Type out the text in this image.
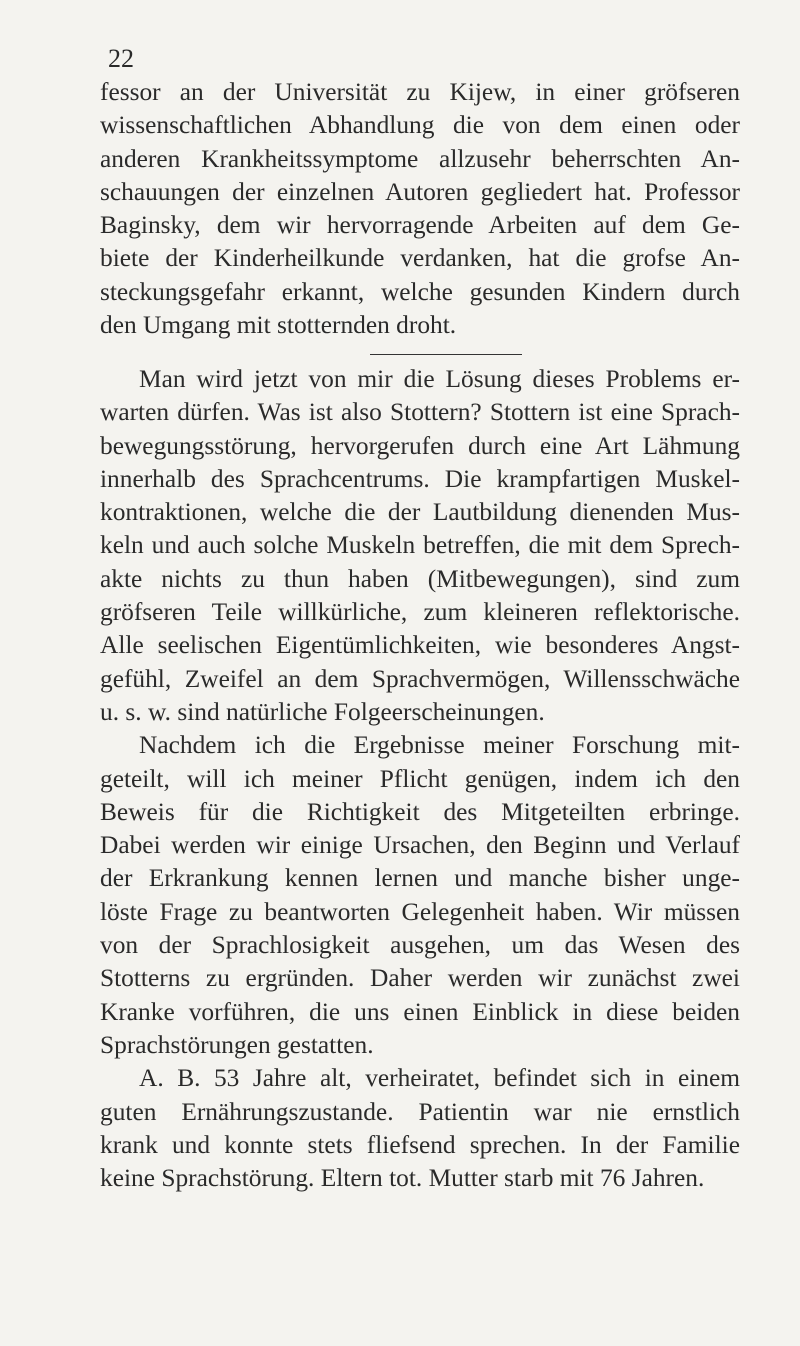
22
fessor an der Universität zu Kijew, in einer gröfseren
wissenschaftlichen Abhandlung die von dem einen oder
anderen Krankheitssymptome allzusehr beherrschten An-
schauungen der einzelnen Autoren gegliedert hat. Professor
Baginsky, dem wir hervorragende Arbeiten auf dem Ge-
biete der Kinderheilkunde verdanken, hat die grofse An-
steckungsgefahr erkannt, welche gesunden Kindern durch
den Umgang mit stotternden droht.
Man wird jetzt von mir die Lösung dieses Problems er-
warten dürfen. Was ist also Stottern? Stottern ist eine Sprach-
bewegungsstörung, hervorgerufen durch eine Art Lähmung
innerhalb des Sprachcentrums. Die krampfartigen Muskel-
kontraktionen, welche die der Lautbildung dienenden Mus-
keln und auch solche Muskeln betreffen, die mit dem Sprech-
akte nichts zu thun haben (Mitbewegungen), sind zum
gröfseren Teile willkürliche, zum kleineren reflektorische.
Alle seelischen Eigentümlichkeiten, wie besonderes Angst-
gefühl, Zweifel an dem Sprachvermögen, Willensschwäche
u. s. w. sind natürliche Folgeerscheinungen.
Nachdem ich die Ergebnisse meiner Forschung mit-
geteilt, will ich meiner Pflicht genügen, indem ich den
Beweis für die Richtigkeit des Mitgeteilten erbringe.
Dabei werden wir einige Ursachen, den Beginn und Verlauf
der Erkrankung kennen lernen und manche bisher unge-
löste Frage zu beantworten Gelegenheit haben. Wir müssen
von der Sprachlosigkeit ausgehen, um das Wesen des
Stotterns zu ergründen. Daher werden wir zunächst zwei
Kranke vorführen, die uns einen Einblick in diese beiden
Sprachstörungen gestatten.
A. B. 53 Jahre alt, verheiratet, befindet sich in einem
guten Ernährungszustande. Patientin war nie ernstlich
krank und konnte stets fliefsend sprechen. In der Familie
keine Sprachstörung. Eltern tot. Mutter starb mit 76 Jahren.
